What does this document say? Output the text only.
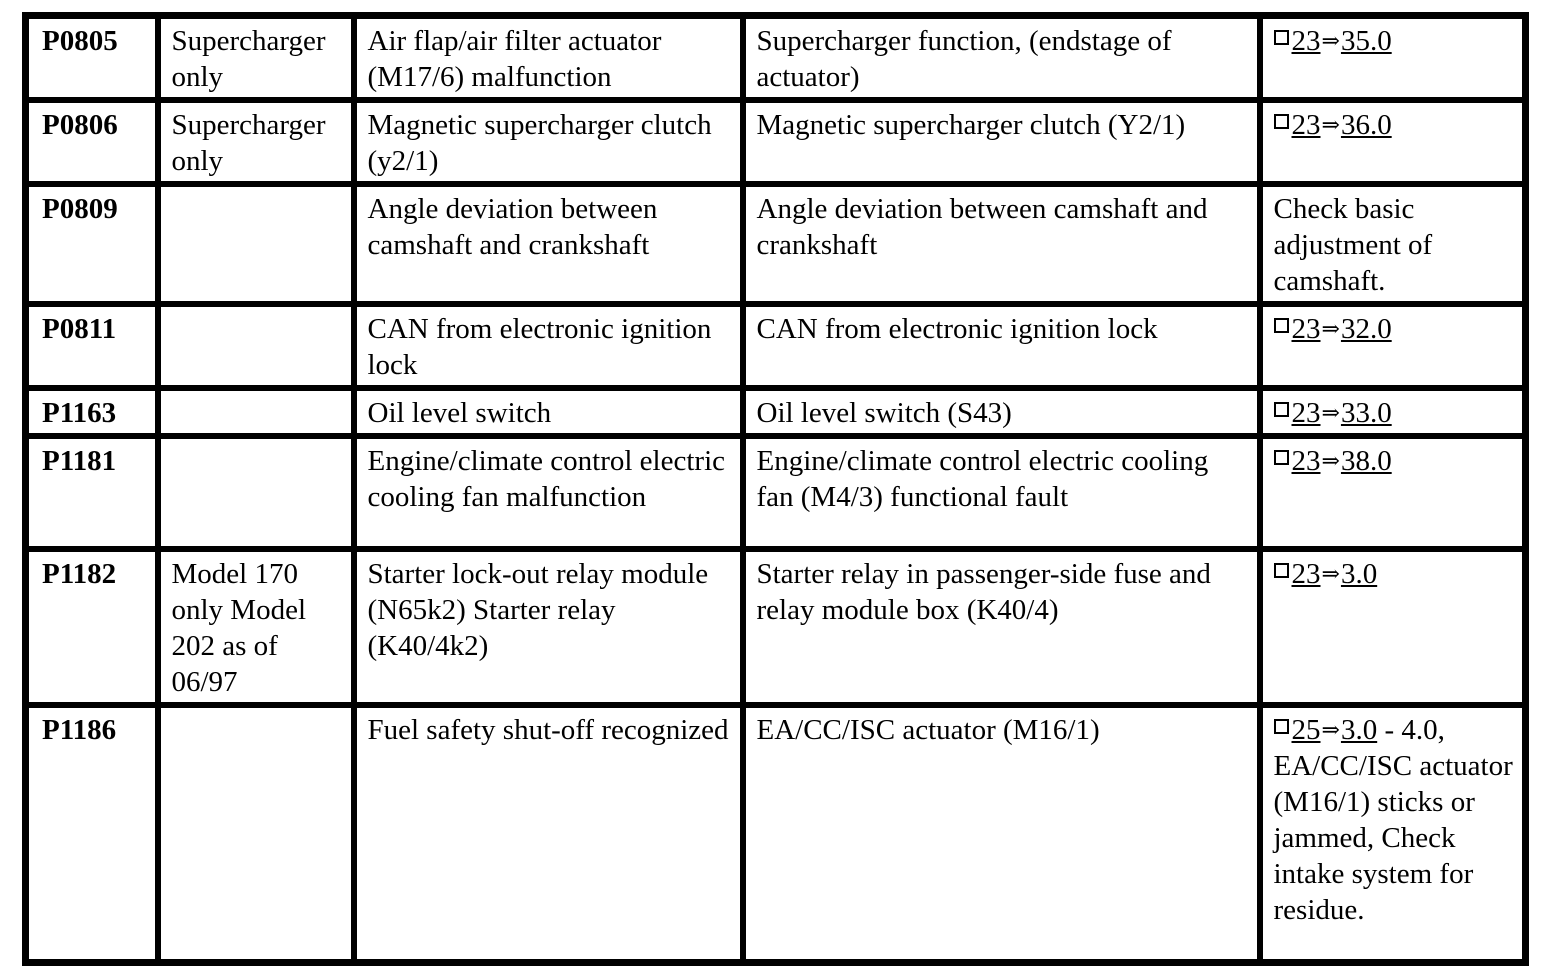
P0805	Supercharger only	Air flap/air filter actuator (M17/6) malfunction	Supercharger function, (endstage of actuator)	23⇒35.0
P0806	Supercharger only	Magnetic supercharger clutch (y2/1)	Magnetic supercharger clutch (Y2/1)	23⇒36.0
P0809		Angle deviation between camshaft and crankshaft	Angle deviation between camshaft and crankshaft	Check basic adjustment of camshaft.
P0811		CAN from electronic ignition lock	CAN from electronic ignition lock	23⇒32.0
P1163		Oil level switch	Oil level switch (S43)	23⇒33.0
P1181		Engine/climate control electric cooling fan malfunction	Engine/climate control electric cooling fan (M4/3) functional fault	23⇒38.0
P1182	Model 170 only Model 202 as of 06/97	Starter lock-out relay module (N65k2) Starter relay (K40/4k2)	Starter relay in passenger-side fuse and relay module box (K40/4)	23⇒3.0
P1186		Fuel safety shut-off recognized	EA/CC/ISC actuator (M16/1)	25⇒3.0 - 4.0, EA/CC/ISC actuator (M16/1) sticks or jammed, Check intake system for residue.
